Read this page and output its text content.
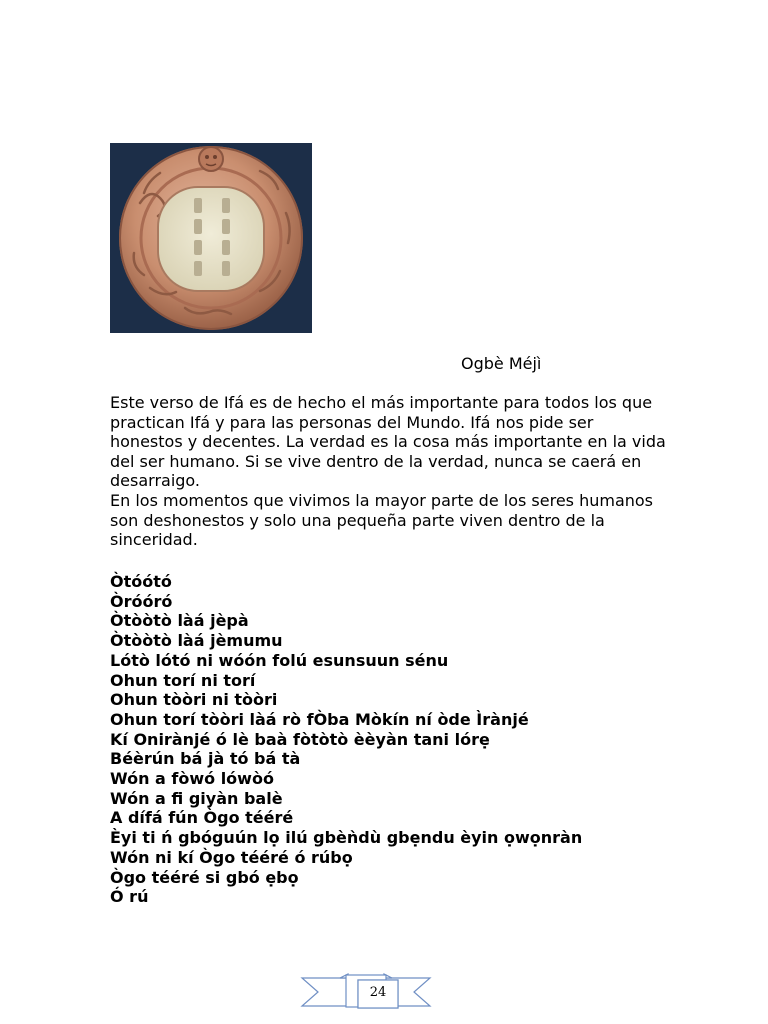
Ogbè Méjì

Este verso de Ifá es de hecho el más importante para todos los que practican Ifá y para las personas del Mundo. Ifá nos pide ser honestos y decentes. La verdad es la cosa más importante en la vida del ser humano. Si se vive dentro de la verdad, nunca se caerá en desarraigo.

En los momentos que vivimos la mayor parte de los seres humanos son deshonestos y solo una pequeña parte viven dentro de la sinceridad.

Òtóótó
Òróóró
Òtòòtò làá jèpà
Òtòòtò làá jèmumu
Lótò lótó ni wóón folú esunsuun sénu
Ohun torí ni torí
Ohun tòòri ni tòòri
Ohun torí tòòri làá rò fÒba Mòkín ní òde Ìrànjé
Kí Onirànjé ó lè baà fòtòtò èèyàn tani lórẹ
Béèrún bá jà tó bá tà
Wón a fòwó lówòó
Wón a fi giyàn balè
A dífá fún Ògo tééré
Èyi ti ń gbóguún lọ ilú gbèǹdù gbẹndu èyin ọwọnràn
Wón ni kí Ògo tééré ó rúbọ
Ògo tééré si gbó ẹbọ
Ó rú
24
